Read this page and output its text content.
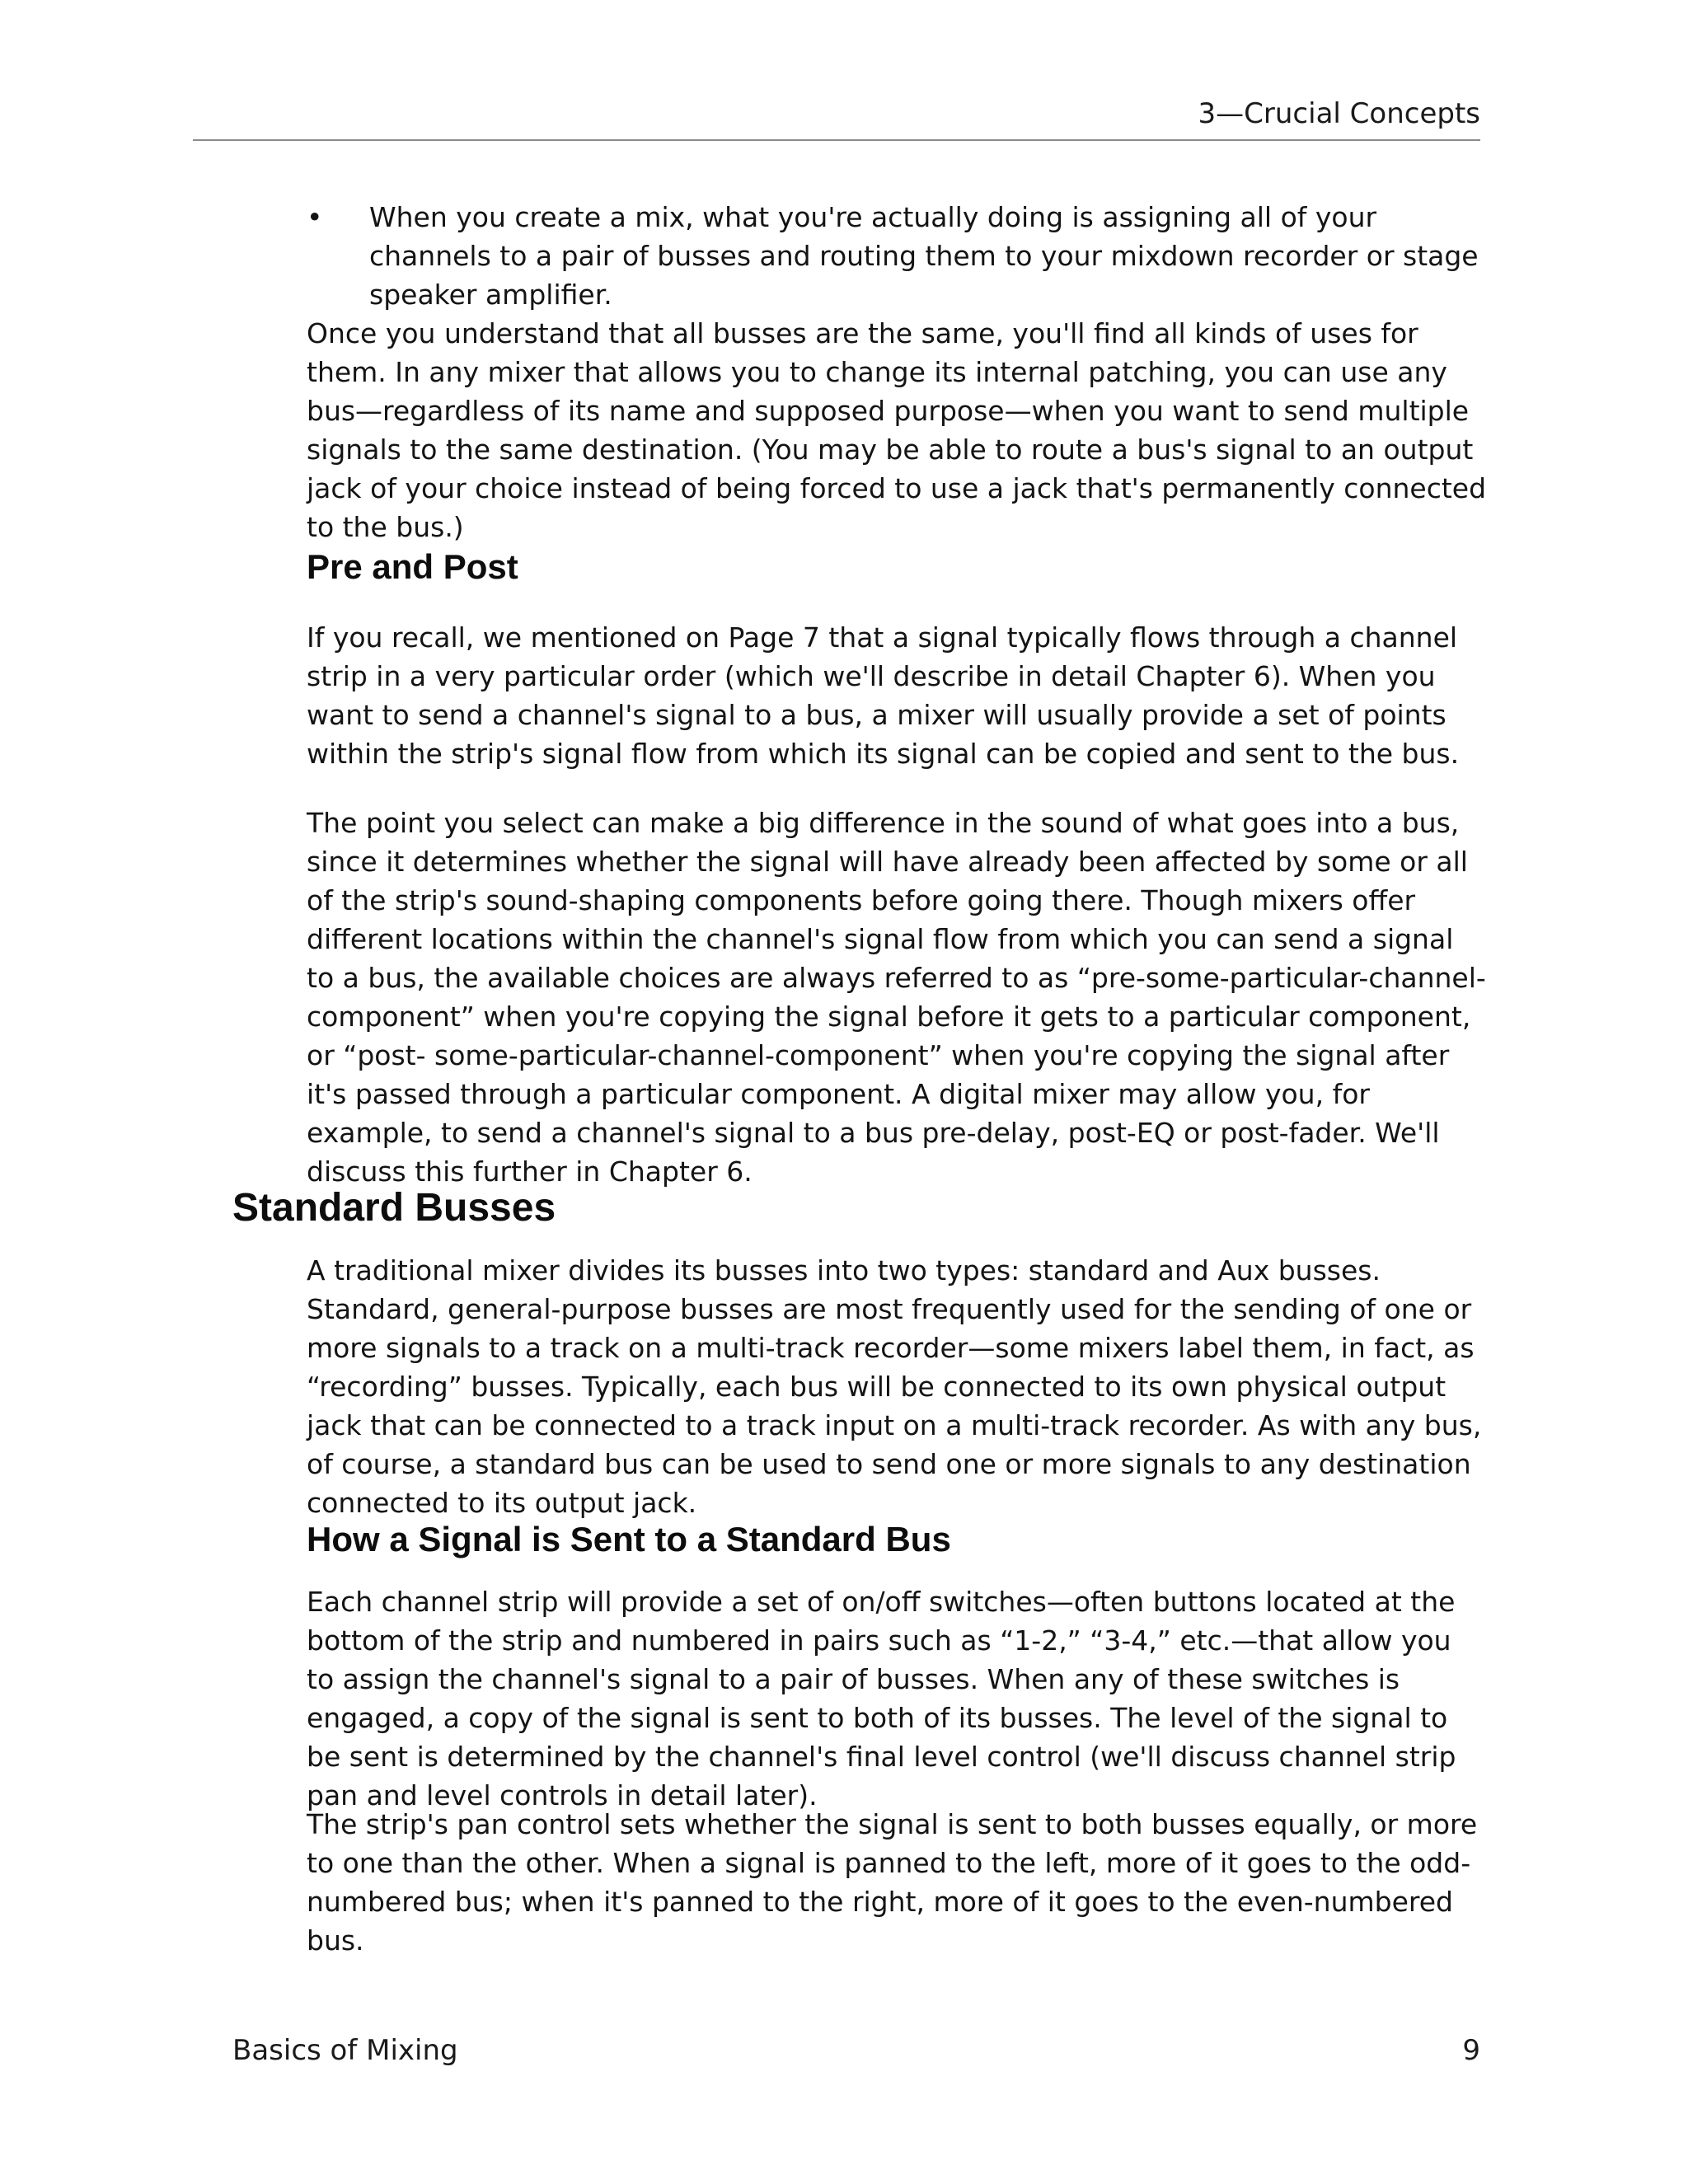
3—Crucial Concepts
• When you create a mix, what you're actually doing is assigning all of your channels to a pair of busses and routing them to your mixdown recorder or stage speaker amplifier.

Once you understand that all busses are the same, you'll find all kinds of uses for them. In any mixer that allows you to change its internal patching, you can use any bus—regardless of its name and supposed purpose—when you want to send multiple signals to the same destination. (You may be able to route a bus's signal to an output jack of your choice instead of being forced to use a jack that's permanently connected to the bus.)

Pre and Post

If you recall, we mentioned on Page 7 that a signal typically flows through a channel strip in a very particular order (which we'll describe in detail Chapter 6). When you want to send a channel's signal to a bus, a mixer will usually provide a set of points within the strip's signal flow from which its signal can be copied and sent to the bus.

The point you select can make a big difference in the sound of what goes into a bus, since it determines whether the signal will have already been affected by some or all of the strip's sound-shaping components before going there. Though mixers offer different locations within the channel's signal flow from which you can send a signal to a bus, the available choices are always referred to as “pre-some-particular-channel-component” when you're copying the signal before it gets to a particular component, or “post- some-particular-channel-component” when you're copying the signal after it's passed through a particular component. A digital mixer may allow you, for example, to send a channel's signal to a bus pre-delay, post-EQ or post-fader. We'll discuss this further in Chapter 6.

Standard Busses

A traditional mixer divides its busses into two types: standard and Aux busses. Standard, general-purpose busses are most frequently used for the sending of one or more signals to a track on a multi-track recorder—some mixers label them, in fact, as “recording” busses. Typically, each bus will be connected to its own physical output jack that can be connected to a track input on a multi-track recorder. As with any bus, of course, a standard bus can be used to send one or more signals to any destination connected to its output jack.

How a Signal is Sent to a Standard Bus

Each channel strip will provide a set of on/off switches—often buttons located at the bottom of the strip and numbered in pairs such as “1-2,” “3-4,” etc.—that allow you to assign the channel's signal to a pair of busses. When any of these switches is engaged, a copy of the signal is sent to both of its busses. The level of the signal to be sent is determined by the channel's final level control (we'll discuss channel strip pan and level controls in detail later).

The strip's pan control sets whether the signal is sent to both busses equally, or more to one than the other. When a signal is panned to the left, more of it goes to the odd-numbered bus; when it's panned to the right, more of it goes to the even-numbered bus.

Basics of Mixing	9
